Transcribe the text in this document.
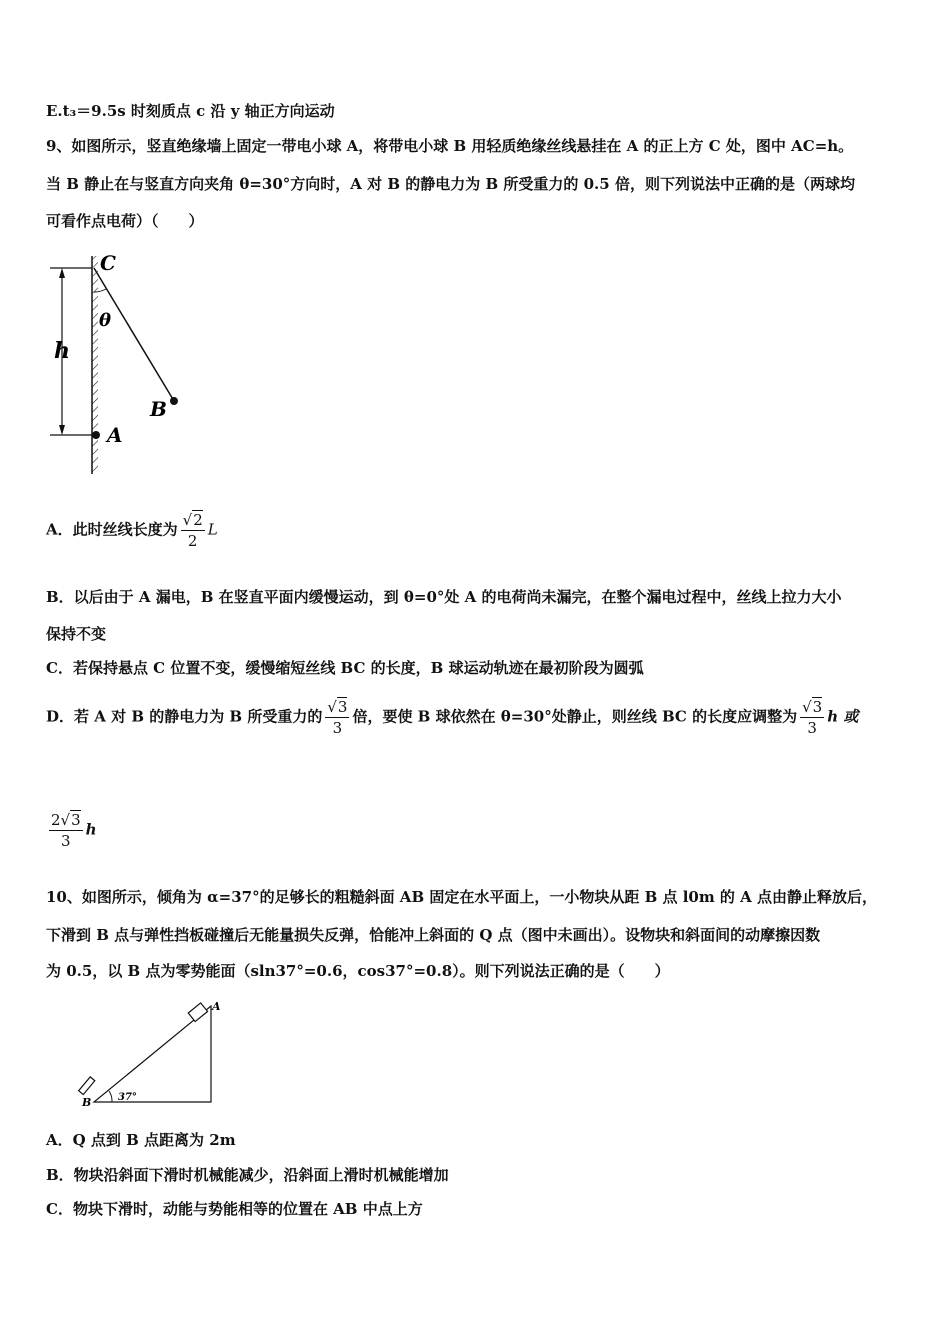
E.t₃＝9.5s 时刻质点 c 沿 y 轴正方向运动
9、如图所示，竖直绝缘墙上固定一带电小球 A，将带电小球 B 用轻质绝缘丝线悬挂在 A 的正上方 C 处，图中 AC=h。
当 B 静止在与竖直方向夹角 θ=30°方向时，A 对 B 的静电力为 B 所受重力的 0.5 倍，则下列说法中正确的是（两球均
可看作点电荷）（　　）
C
θ
h
B
A
A．此时丝线长度为 $\frac{√2}{2}$ L
B．以后由于 A 漏电，B 在竖直平面内缓慢运动，到 θ=0°处 A 的电荷尚未漏完，在整个漏电过程中，丝线上拉力大小
保持不变
C．若保持悬点 C 位置不变，缓慢缩短丝线 BC 的长度，B 球运动轨迹在最初阶段为圆弧
D．若 A 对 B 的静电力为 B 所受重力的 $\frac{√3}{3}$ 倍，要使 B 球依然在 θ=30°处静止，则丝线 BC 的长度应调整为 $\frac{√3}{3}$ h 或
$\frac{2√3}{3}$ h
10、如图所示，倾角为 α=37°的足够长的粗糙斜面 AB 固定在水平面上，一小物块从距 B 点 l0m 的 A 点由静止释放后，
下滑到 B 点与弹性挡板碰撞后无能量损失反弹，恰能冲上斜面的 Q 点（图中未画出）。设物块和斜面间的动摩擦因数
为 0.5，以 B 点为零势能面（sln37°=0.6，cos37°=0.8）。则下列说法正确的是（　　）
A
B	37°
A．Q 点到 B 点距离为 2m
B．物块沿斜面下滑时机械能减少，沿斜面上滑时机械能增加
C．物块下滑时，动能与势能相等的位置在 AB 中点上方
